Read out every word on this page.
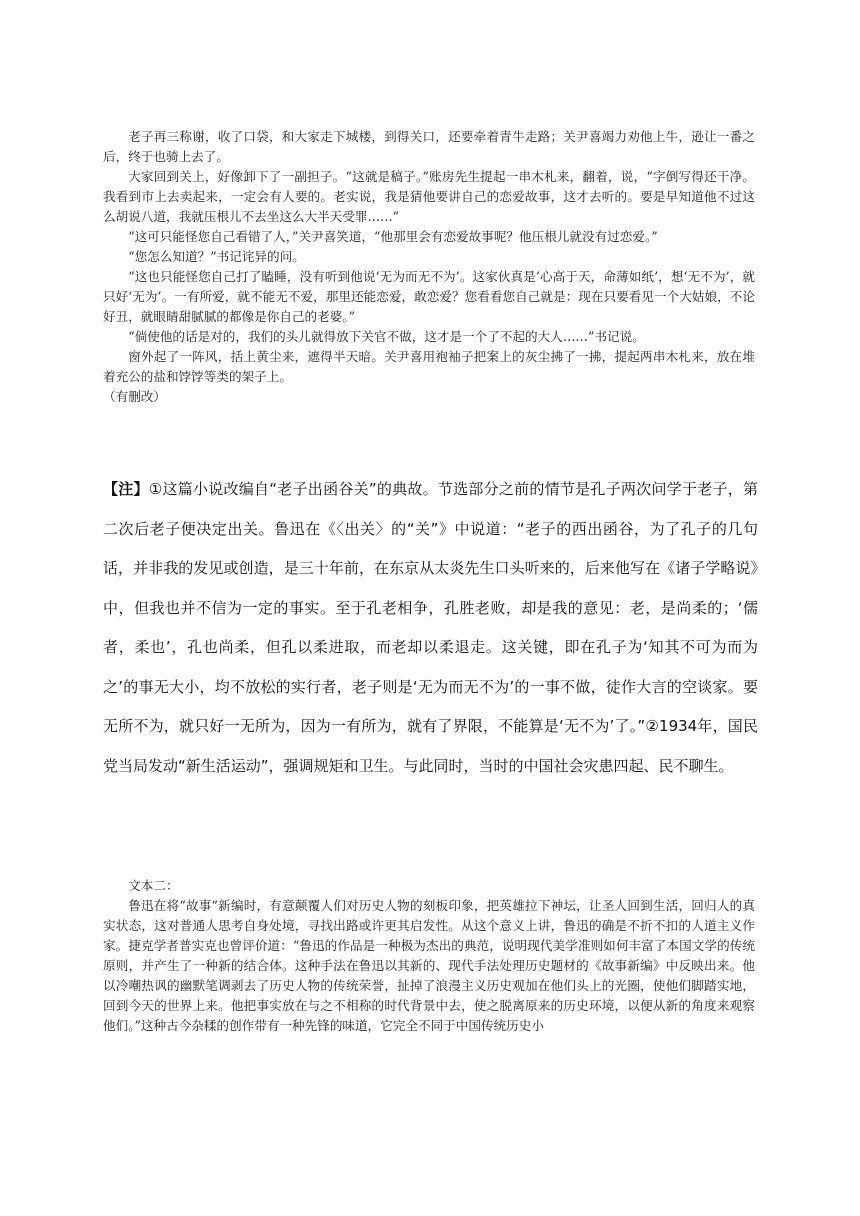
老子再三称谢，收了口袋，和大家走下城楼，到得关口，还要牵着青牛走路；关尹喜竭力劝他上牛，逊让一番之后，终于也骑上去了。

大家回到关上，好像卸下了一副担子。“这就是稿子。”账房先生提起一串木札来，翻着，说，“字倒写得还干净。我看到市上去卖起来，一定会有人要的。老实说，我是猜他要讲自己的恋爱故事，这才去听的。要是早知道他不过这么胡说八道，我就压根儿不去坐这么大半天受罪……”

“这可只能怪您自己看错了人，”关尹喜笑道，“他那里会有恋爱故事呢？他压根儿就没有过恋爱。”

“您怎么知道？”书记诧异的问。

“这也只能怪您自己打了瞌睡，没有听到他说‘无为而无不为’。这家伙真是‘心高于天，命薄如纸’，想‘无不为’，就只好‘无为’。一有所爱，就不能无不爱，那里还能恋爱，敢恋爱？您看看您自己就是：现在只要看见一个大姑娘，不论好丑，就眼睛甜腻腻的都像是你自己的老婆。”

“倘使他的话是对的，我们的头儿就得放下关官不做，这才是一个了不起的大人……”书记说。

窗外起了一阵风，括上黄尘来，遮得半天暗。关尹喜用袍袖子把案上的灰尘拂了一拂，提起两串木札来，放在堆着充公的盐和饽饽等类的架子上。

（有删改）

【注】①这篇小说改编自“老子出函谷关”的典故。节选部分之前的情节是孔子两次问学于老子，第二次后老子便决定出关。鲁迅在《〈出关〉的“关”》中说道：“老子的西出函谷，为了孔子的几句话，并非我的发见或创造，是三十年前，在东京从太炎先生口头听来的，后来他写在《诸子学略说》中，但我也并不信为一定的事实。至于孔老相争，孔胜老败，却是我的意见：老，是尚柔的；‘儒者，柔也’，孔也尚柔，但孔以柔进取，而老却以柔退走。这关键，即在孔子为‘知其不可为而为之’的事无大小，均不放松的实行者，老子则是‘无为而无不为’的一事不做，徒作大言的空谈家。要无所不为，就只好一无所为，因为一有所为，就有了界限，不能算是‘无不为’了。”②1934年，国民党当局发动“新生活运动”，强调规矩和卫生。与此同时，当时的中国社会灾患四起、民不聊生。

文本二：

鲁迅在将“故事”新编时，有意颠覆人们对历史人物的刻板印象，把英雄拉下神坛，让圣人回到生活，回归人的真实状态，这对普通人思考自身处境，寻找出路或许更其启发性。从这个意义上讲，鲁迅的确是不折不扣的人道主义作家。捷克学者普实克也曾评价道：“鲁迅的作品是一种极为杰出的典范，说明现代美学准则如何丰富了本国文学的传统原则，并产生了一种新的结合体。这种手法在鲁迅以其新的、现代手法处理历史题材的《故事新编》中反映出来。他以冷嘲热讽的幽默笔调剥去了历史人物的传统荣誉，扯掉了浪漫主义历史观加在他们头上的光圈，使他们脚踏实地，回到今天的世界上来。他把事实放在与之不相称的时代背景中去，使之脱离原来的历史环境，以便从新的角度来观察他们。”这种古今杂糅的创作带有一种先锋的味道，它完全不同于中国传统历史小
